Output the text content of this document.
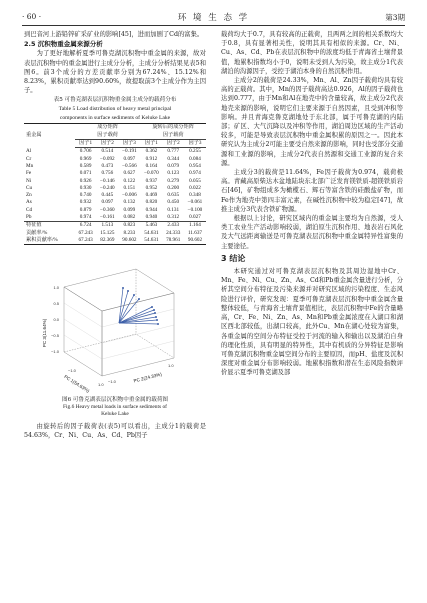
· 60 ·	环 境 生 态 学	第3期

到巴音河上游铅锌矿采矿业的影响[45]，进而加剧了Cd的富集。

2.5 沉积物重金属来源分析

为了更好地解析夏季可鲁克湖沉积物中重金属的来源，故对表层沉积物中的重金属进行主成分分析，主成分分析结果见表5和图6。前3个成分的方差贡献率分别为67.24%、15.12%和8.23%，累积贡献率达到90.60%，故提取前3个主成分作为主因子。

表5 可鲁克湖表层沉积物重金属主成分的载荷分布

Table 5 Load distribution of heavy metal principal

components in surface sediments of Keluke Lake

重金属	成分矩阵			旋转后的成分矩阵		
	因子载荷			因子载荷		
	因子1	因子2	因子3	因子1	因子2	因子3
Al	0.706	0.514	−0.191	0.362	0.777	0.255
Cr	0.969	−0.092	0.097	0.912	0.344	0.084
Mn	0.589	0.473	−0.566	0.164	0.079	0.954
Fe	0.071	0.756	0.627	−0.070	0.123	0.974
Ni	0.926	−0.146	0.122	0.937	0.279	0.055
Cu	0.930	−0.240	0.151	0.952	0.200	0.022
Zn	0.740	0.445	−0.006	0.469	0.635	0.348
As	0.932	0.097	0.132	0.820	0.450	−0.061
Cd	0.879	−0.360	0.099	0.944	0.131	−0.100
Pb	0.974	−0.161	0.082	0.940	0.312	0.027
特征值	6.724	1.513	0.823	5.463	2.433	1.164
贡献率/%	67.243	15.125	8.233	54.631	24.333	11.637
累积贡献率/%	67.243	82.369	90.602	54.631	78.961	90.602
1.0
0.5
0.0
−0.5
−1.0
−1.0
1.0
−1.0
1.0
PC 3(11.64%)
PC 1(54.63%)	PC 2(24.33%)

图6 可鲁克湖表层沉积物中重金属的载荷图

Fig.6 Heavy metal loads in surface sediments of

Keluke Lake

由旋转后的因子载荷表(表5)可以看出，主成分1的载荷是54.63%，Cr、Ni、Cu、As、Cd、Pb因子

载荷均大于0.7，具有较高的正载荷，且两两之间的相关系数均大于0.8，具有显著相关性，说明其具有相似的来源。Cr、Ni、Cu、As、Cd、Pb在表层沉积物中的浓度均低于青海省土壤背景值，地累积指数均小于0，说明未受到人为污染，故主成分1代表湖泊的沟源因子，受控于湖泊本身的自然沉积作用。

主成分2的载荷是24.33%，Mn、Al、Zn因子载荷均具有较高的正载荷。其中，Mn的因子载荷高达0.926，Al的因子载荷也达到0.777，由于Mn和Al在地壳中的含量较高，故主成分2代表地壳来源的影响，说明它们主要来源于自然因素，且受到冲积等影响。并且青海克鲁克湖地处于东北部，属于可鲁克湖的内陆部；矿区、大气沉降以及冲积等作用，湖泊周边区域的生产活动较多，可能是导致表层沉积物中重金属积累的原因之一。因此本研究认为主成分2可能主要受自然来源的影响，同时也受部分交通源和工业源的影响，主成分2代表自然源和交通工业源的复合来源。

主成分3的载荷是11.64%，Fe因子载荷为0.974，载荷极高。青藏高原柴达木盆地陆块东北部广泛发育镁铁质-超镁铁质岩石[46]，矿物组成多为橄榄石、辉石等富含铁的硅酸盐矿物，而Fe作为地壳中第四丰富元素，在碱性沉积物中较为稳定[47]，故推主成分3代表含铁矿物源。

根据以上讨论，研究区域内的重金属主要均为自然源，受人类工农业生产活动影响较弱，湖泊原生沉积作用、地表岩石风化及大气远距离输送是可鲁克湖表层沉积物中重金属特异性富集的主要途径。

3 结论

本研究通过对可鲁克湖表层沉积物及其周边湿地中Cr、Mn、Fe、Ni、Cu、Zn、As、Cd和Pb重金属含量进行分析，分析其空间分布特征及污染来源并对研究区域的污染程度、生态风险进行评价，研究发现：夏季可鲁克湖表层沉积物中重金属含量整体较低，与青海省土壤背景值相比，表层沉积物中Fe的含量略高，Cr、Fe、Ni、Zn、As、Mn和Pb重金属浓度在入湖口和湖区西北部较低，出湖口较高，此外Cu、Mn在湖心处较为富集，各重金属的空间分布特征受控于河流的输入和输出以及湖泊自身的理化性质，具有明显的特异性，其中有机质的分异特征是影响可鲁克湖沉积物重金属空间分布的主要原因，而pH、盐度及沉积深度对重金属分布影响较弱。地累积指数和潜在生态风险指数评价显示夏季可鲁克湖及部
